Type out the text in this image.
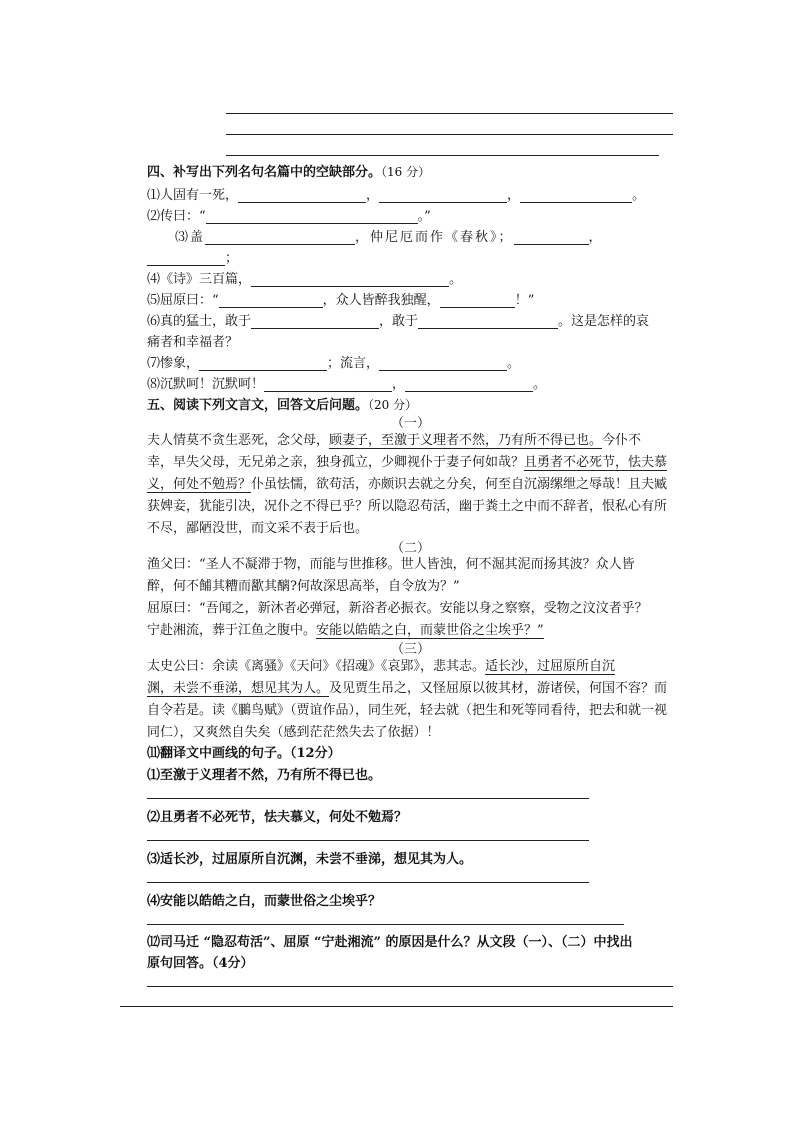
四、补写出下列名句名篇中的空缺部分。（16 分）
⑴人固有一死，	，	，	。
⑵传曰：“	。”
⑶盖	，仲尼厄而作《春秋》；	，
；
⑷《诗》三百篇，	。
⑸屈原曰：“	，众人皆醉我独醒，	！”
⑹真的猛士，敢于	，敢于	。这是怎样的哀
痛者和幸福者？
⑺惨象，	；流言，	。
⑻沉默呵！沉默呵！	，	。
五、阅读下列文言文，回答文后问题。（20 分）
（一）
夫人情莫不贪生恶死，念父母，顾妻子，至激于义理者不然，乃有所不得已也。今仆不
幸，早失父母，无兄弟之亲，独身孤立，少卿视仆于妻子何如哉？且勇者不必死节，怯夫慕
义，何处不勉焉？仆虽怯懦，欲苟活，亦颇识去就之分矣，何至自沉溺缧绁之辱哉！且夫臧
获婢妾，犹能引决，况仆之不得已乎？所以隐忍苟活，幽于粪土之中而不辞者，恨私心有所
不尽，鄙陋没世，而文采不表于后也。
（二）
渔父曰：“圣人不凝滞于物，而能与世推移。世人皆浊，何不淈其泥而扬其波？众人皆
醉，何不餔其糟而歠其醨?何故深思高举，自令放为？”
屈原曰：“吾闻之，新沐者必弹冠，新浴者必振衣。安能以身之察察，受物之汶汶者乎？
宁赴湘流，葬于江鱼之腹中。安能以皓皓之白，而蒙世俗之尘埃乎？”
（三）
太史公曰：余读《离骚》《天问》《招魂》《哀郢》，悲其志。适长沙，过屈原所自沉
渊，未尝不垂涕，想见其为人。及见贾生吊之，又怪屈原以彼其材，游诸侯，何国不容？而
自令若是。读《鵩鸟赋》（贾谊作品），同生死，轻去就（把生和死等同看待，把去和就一视
同仁），又爽然自失矣（感到茫茫然失去了依据）！
⑾翻译文中画线的句子。（12分）
⑴至激于义理者不然，乃有所不得已也。
⑵且勇者不必死节，怯夫慕义，何处不勉焉？
⑶适长沙，过屈原所自沉渊，未尝不垂涕，想见其为人。
⑷安能以皓皓之白，而蒙世俗之尘埃乎？
⑿司马迁 “隐忍苟活”、屈原 “宁赴湘流” 的原因是什么？从文段（一）、（二）中找出
原句回答。（4分）
